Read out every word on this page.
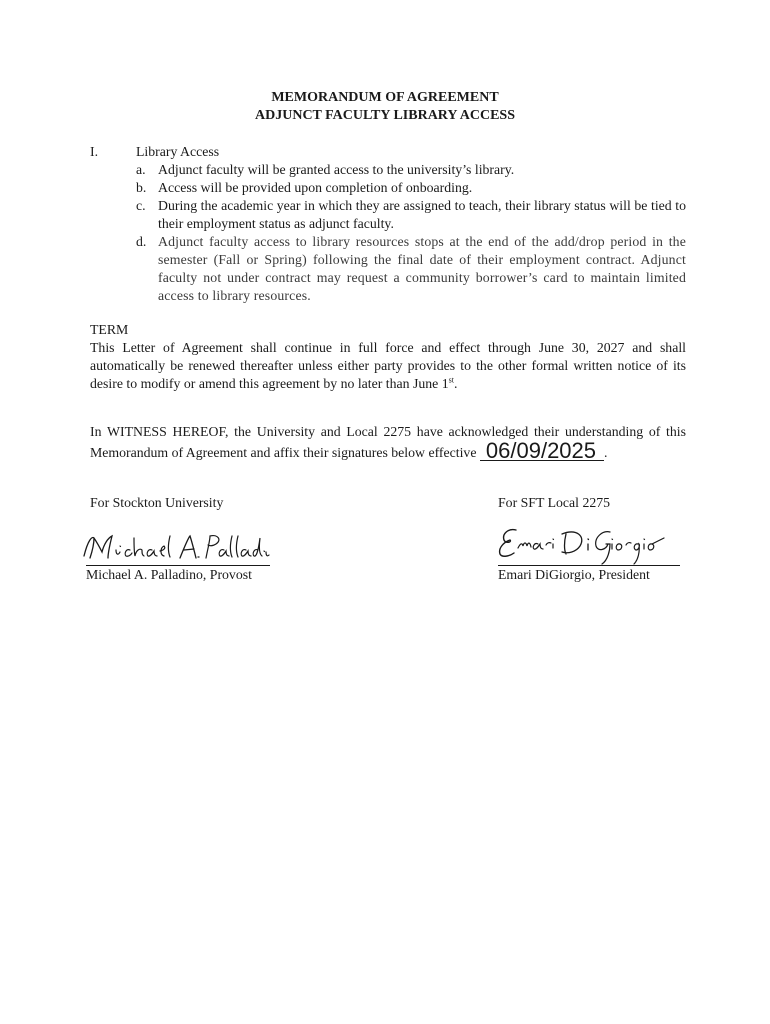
MEMORANDUM OF AGREEMENT
ADJUNCT FACULTY LIBRARY ACCESS
I.	Library Access
a. Adjunct faculty will be granted access to the university’s library.
b. Access will be provided upon completion of onboarding.
c. During the academic year in which they are assigned to teach, their library status will be tied to their employment status as adjunct faculty.
d. Adjunct faculty access to library resources stops at the end of the add/drop period in the semester (Fall or Spring) following the final date of their employment contract. Adjunct faculty not under contract may request a community borrower’s card to maintain limited access to library resources.
TERM
This Letter of Agreement shall continue in full force and effect through June 30, 2027 and shall automatically be renewed thereafter unless either party provides to the other formal written notice of its desire to modify or amend this agreement by no later than June 1st.
In WITNESS HEREOF, the University and Local 2275 have acknowledged their understanding of this Memorandum of Agreement and affix their signatures below effective 06/09/2025 .
For Stockton University	For SFT Local 2275
Michael A. Palladino, Provost	Emari DiGiorgio, President
